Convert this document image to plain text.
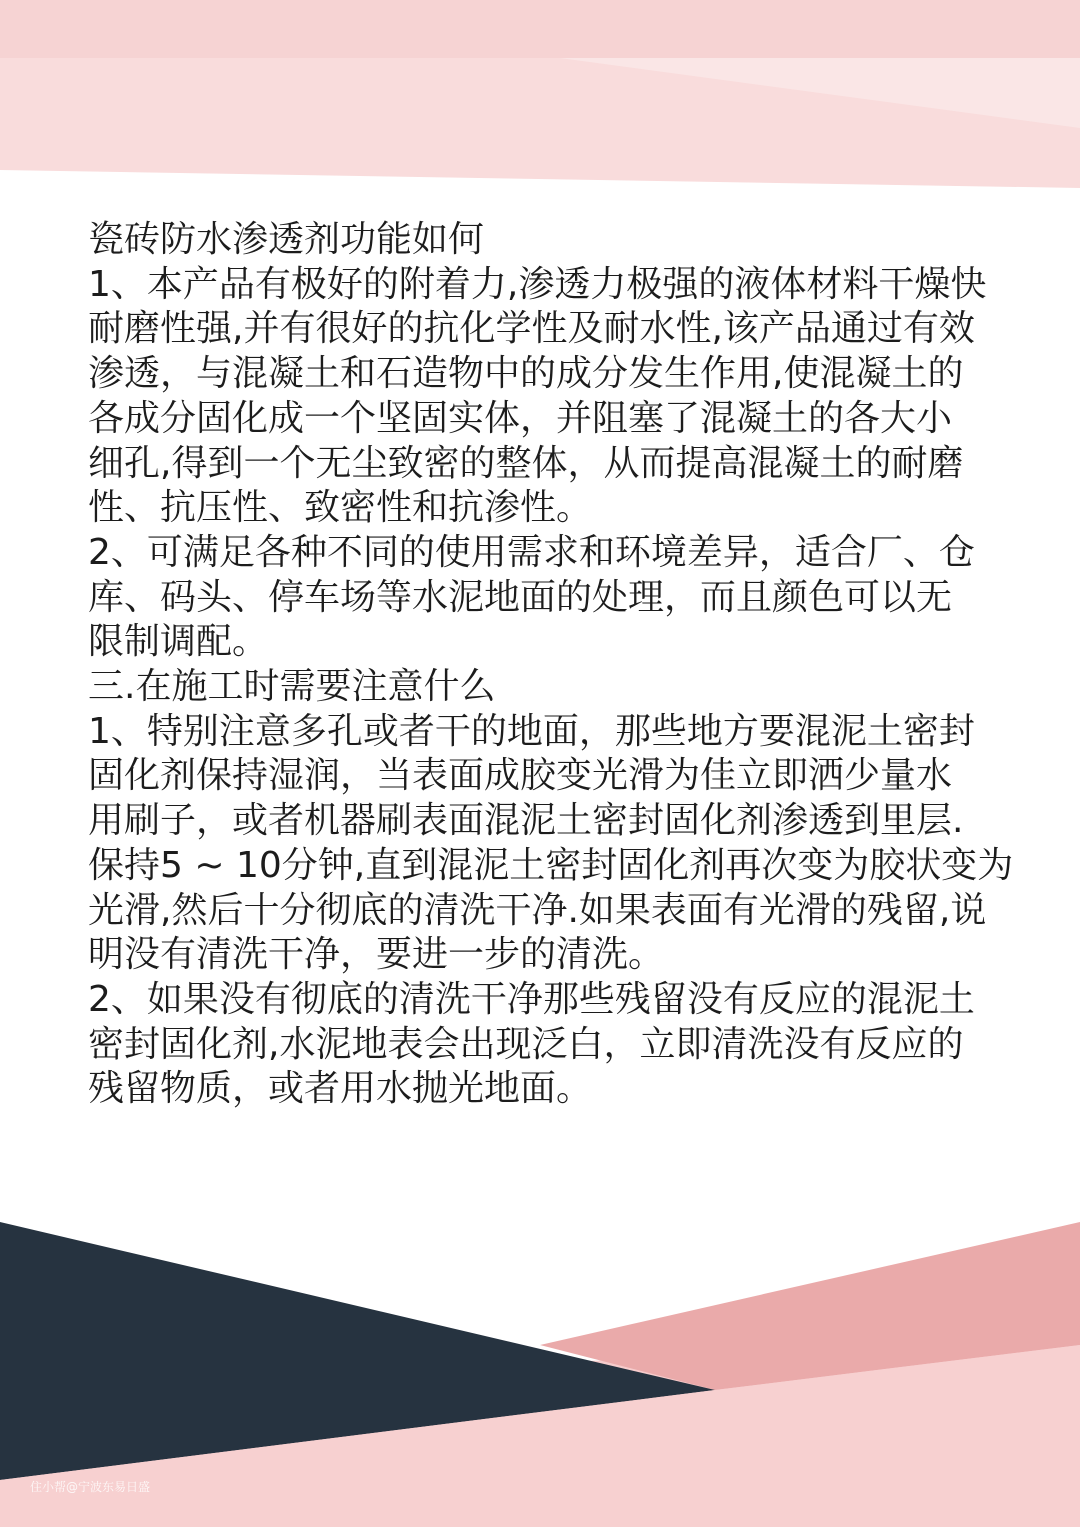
瓷砖防水渗透剂功能如何
1、本产品有极好的附着力,渗透力极强的液体材料干燥快
耐磨性强,并有很好的抗化学性及耐水性,该产品通过有效
渗透，与混凝土和石造物中的成分发生作用,使混凝土的
各成分固化成一个坚固实体，并阻塞了混凝土的各大小
细孔,得到一个无尘致密的整体，从而提高混凝土的耐磨
性、抗压性、致密性和抗渗性。
2、可满足各种不同的使用需求和环境差异，适合厂、仓
库、码头、停车场等水泥地面的处理，而且颜色可以无
限制调配。
三.在施工时需要注意什么
1、特别注意多孔或者干的地面，那些地方要混泥土密封
固化剂保持湿润，当表面成胶变光滑为佳立即洒少量水
用刷子，或者机器刷表面混泥土密封固化剂渗透到里层.
保持5 ~ 10分钟,直到混泥土密封固化剂再次变为胶状变为
光滑,然后十分彻底的清洗干净.如果表面有光滑的残留,说
明没有清洗干净，要进一步的清洗。
2、如果没有彻底的清洗干净那些残留没有反应的混泥土
密封固化剂,水泥地表会出现泛白，立即清洗没有反应的
残留物质，或者用水抛光地面。
住小帮@宁波东易日盛
